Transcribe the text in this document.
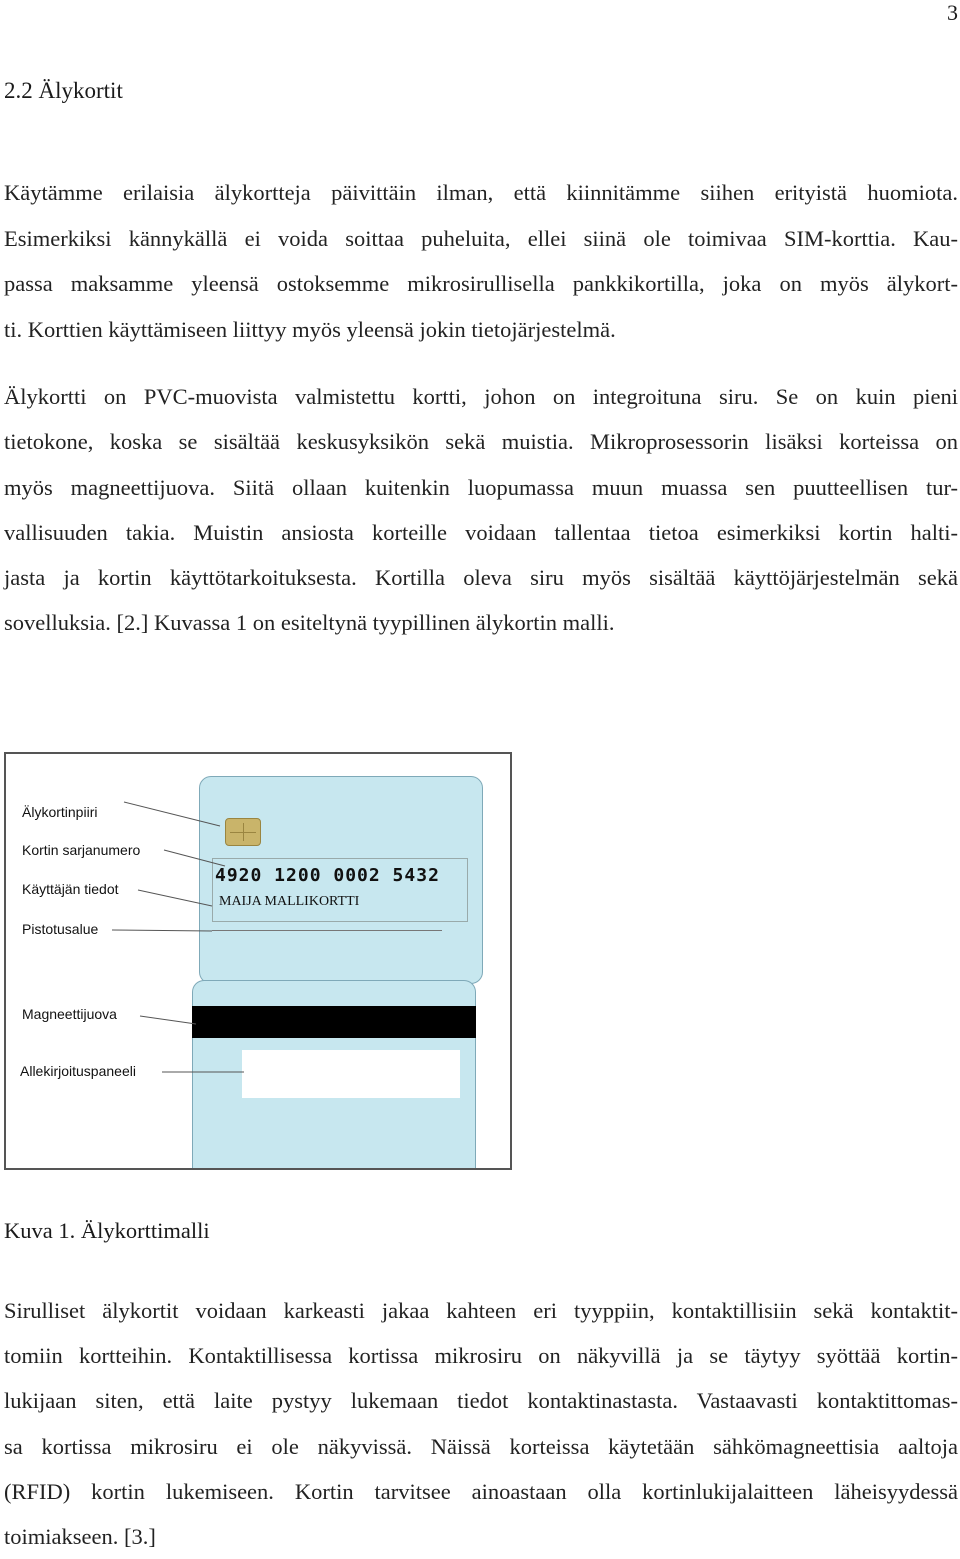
3
2.2 Älykortit
Käytämme erilaisia älykortteja päivittäin ilman, että kiinnitämme siihen erityistä huomiota.
Esimerkiksi kännykällä ei voida soittaa puheluita, ellei siinä ole toimivaa SIM-korttia. Kau-
passa maksamme yleensä ostoksemme mikrosirullisella pankkikortilla, joka on myös älykort-
ti. Korttien käyttämiseen liittyy myös yleensä jokin tietojärjestelmä.
Älykortti on PVC-muovista valmistettu kortti, johon on integroituna siru. Se on kuin pieni
tietokone, koska se sisältää keskusyksikön sekä muistia. Mikroprosessorin lisäksi korteissa on
myös magneettijuova. Siitä ollaan kuitenkin luopumassa muun muassa sen puutteellisen tur-
vallisuuden takia. Muistin ansiosta korteille voidaan tallentaa tietoa esimerkiksi kortin halti-
jasta ja kortin käyttötarkoituksesta. Kortilla oleva siru myös sisältää käyttöjärjestelmän sekä
sovelluksia. [2.] Kuvassa 1 on esiteltynä tyypillinen älykortin malli.
4920 1200 0002 5432
MAIJA MALLIKORTTI
Älykortinpiiri
Kortin sarjanumero
Käyttäjän tiedot
Pistotusalue
Magneettijuova
Allekirjoituspaneeli

Kuva 1. Älykorttimalli

Sirulliset älykortit voidaan karkeasti jakaa kahteen eri tyyppiin, kontaktillisiin sekä kontaktit-
tomiin kortteihin. Kontaktillisessa kortissa mikrosiru on näkyvillä ja se täytyy syöttää kortin-
lukijaan siten, että laite pystyy lukemaan tiedot kontaktinastasta. Vastaavasti kontaktittomas-
sa kortissa mikrosiru ei ole näkyvissä. Näissä korteissa käytetään sähkömagneettisia aaltoja
(RFID) kortin lukemiseen. Kortin tarvitsee ainoastaan olla kortinlukijalaitteen läheisyydessä
toimiakseen. [3.]
